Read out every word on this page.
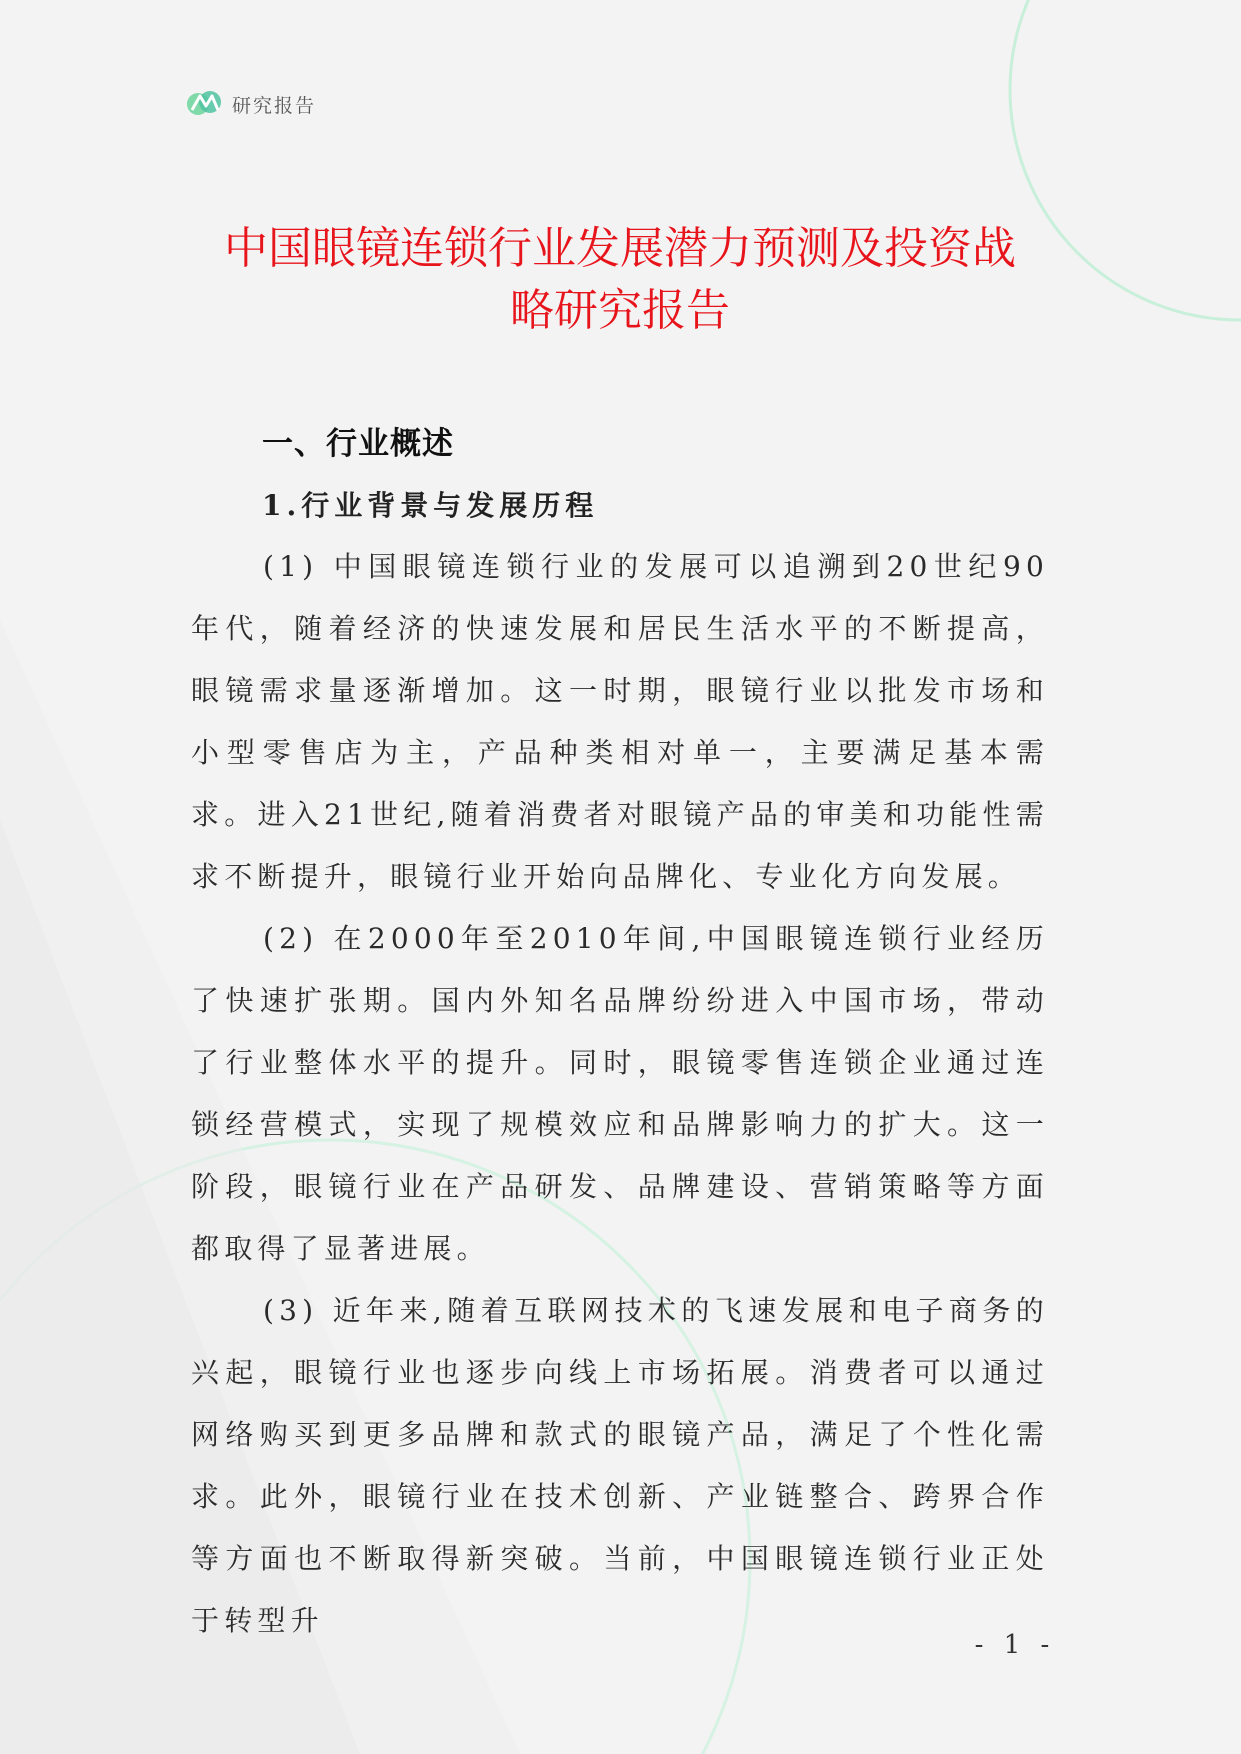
研究报告
中国眼镜连锁行业发展潜力预测及投资战
略研究报告
一、行业概述
1.行业背景与发展历程

(1) 中国眼镜连锁行业的发展可以追溯到20世纪90年代，随着经济的快速发展和居民生活水平的不断提高，眼镜需求量逐渐增加。这一时期，眼镜行业以批发市场和小型零售店为主，产品种类相对单一，主要满足基本需求。进入21世纪,随着消费者对眼镜产品的审美和功能性需求不断提升，眼镜行业开始向品牌化、专业化方向发展。

(2) 在2000年至2010年间,中国眼镜连锁行业经历了快速扩张期。国内外知名品牌纷纷进入中国市场，带动了行业整体水平的提升。同时，眼镜零售连锁企业通过连锁经营模式，实现了规模效应和品牌影响力的扩大。这一阶段，眼镜行业在产品研发、品牌建设、营销策略等方面都取得了显著进展。

(3) 近年来,随着互联网技术的飞速发展和电子商务的兴起，眼镜行业也逐步向线上市场拓展。消费者可以通过网络购买到更多品牌和款式的眼镜产品，满足了个性化需求。此外，眼镜行业在技术创新、产业链整合、跨界合作等方面也不断取得新突破。当前，中国眼镜连锁行业正处于转型升

- 1 -
